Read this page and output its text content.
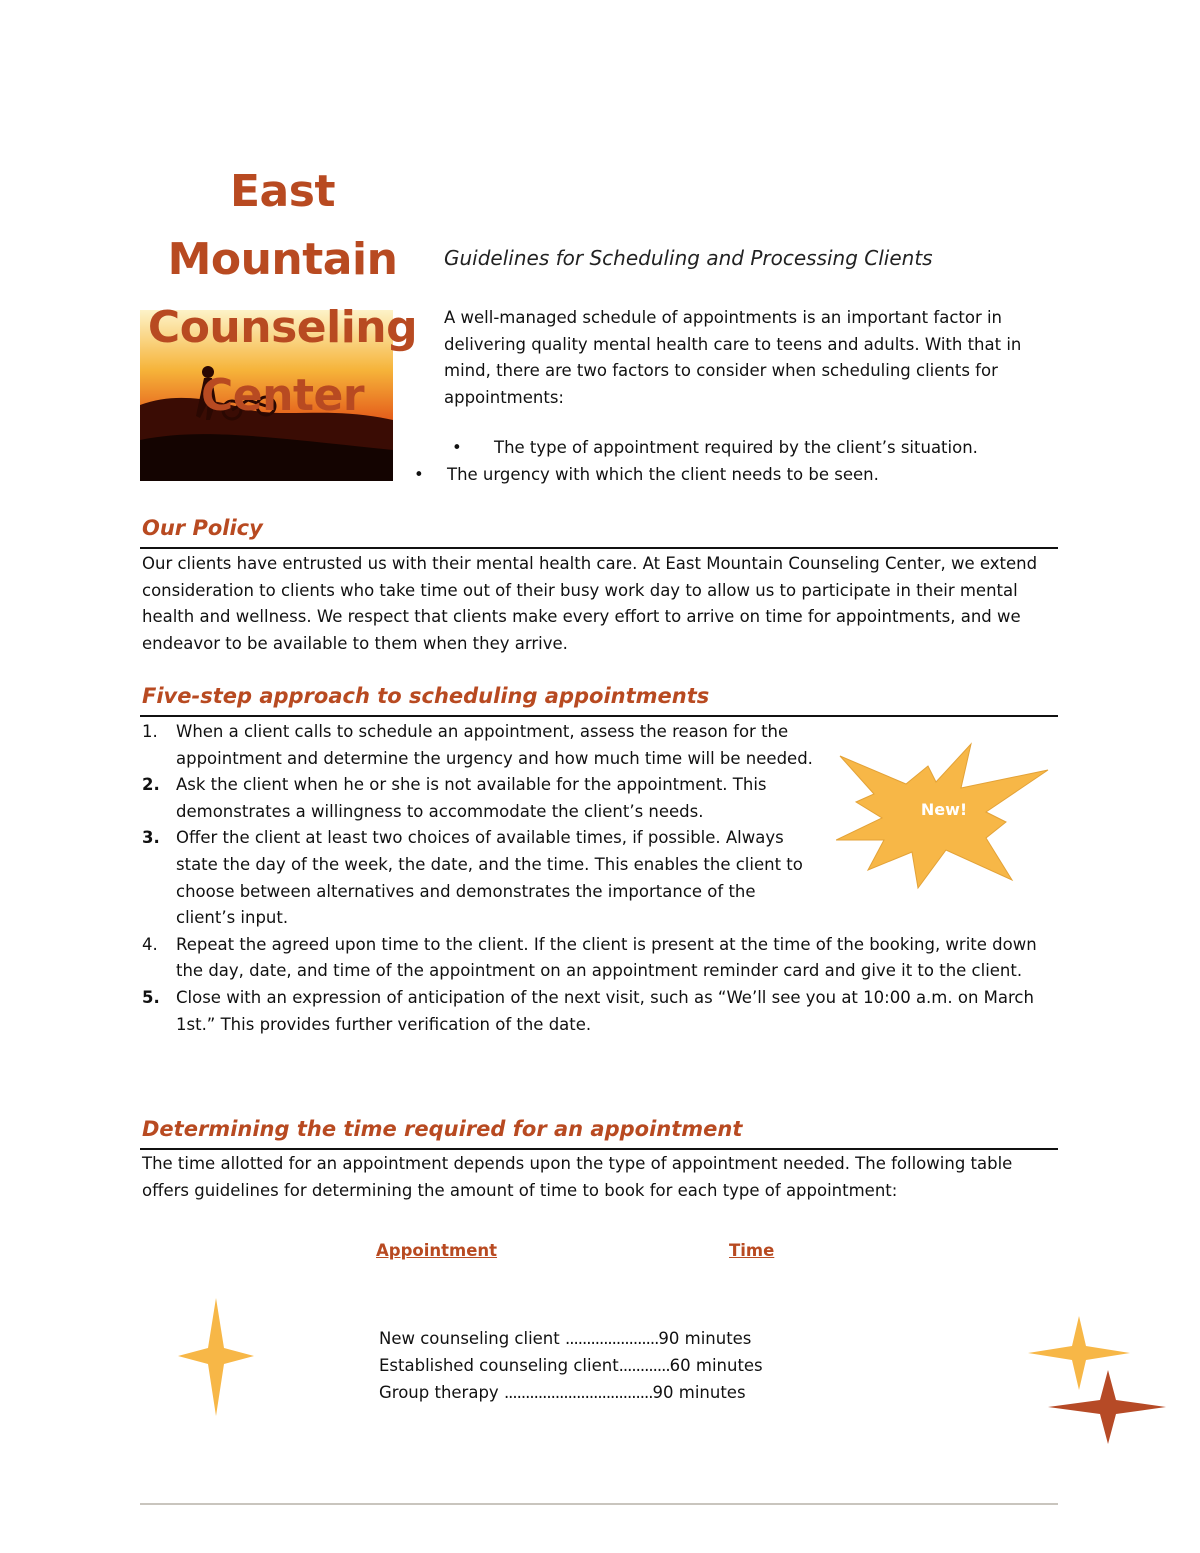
East
Mountain
Counseling
Center
Guidelines for Scheduling and Processing Clients
A well-managed schedule of appointments is an important factor in delivering quality mental health care to teens and adults. With that in mind, there are two factors to consider when scheduling clients for appointments:
• The type of appointment required by the client’s situation.
• The urgency with which the client needs to be seen.
Our Policy
Our clients have entrusted us with their mental health care. At East Mountain Counseling Center, we extend consideration to clients who take time out of their busy work day to allow us to participate in their mental health and wellness. We respect that clients make every effort to arrive on time for appointments, and we endeavor to be available to them when they arrive.
Five-step approach to scheduling appointments
1. When a client calls to schedule an appointment, assess the reason for the appointment and determine the urgency and how much time will be needed.
2. Ask the client when he or she is not available for the appointment. This demonstrates a willingness to accommodate the client’s needs.
3. Offer the client at least two choices of available times, if possible. Always state the day of the week, the date, and the time. This enables the client to choose between alternatives and demonstrates the importance of the client’s input.
4. Repeat the agreed upon time to the client. If the client is present at the time of the booking, write down the day, date, and time of the appointment on an appointment reminder card and give it to the client.
5. Close with an expression of anticipation of the next visit, such as “We’ll see you at 10:00 a.m. on March 1st.” This provides further verification of the date.
New!
Determining the time required for an appointment
The time allotted for an appointment depends upon the type of appointment needed. The following table offers guidelines for determining the amount of time to book for each type of appointment:
Appointment	Time
New counseling client ......................90 minutes
Established counseling client............60 minutes
Group therapy ...................................90 minutes
